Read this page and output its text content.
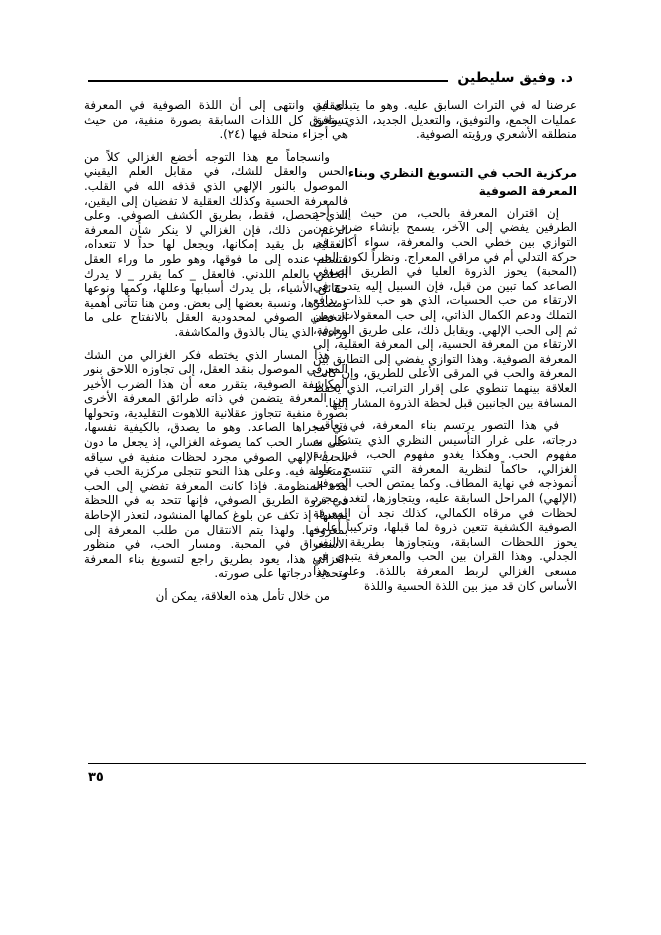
د. وفيق سليطين

عرضنا له في التراث السابق عليه. وهو ما يتبدى في عمليات الجمع، والتوفيق، والتعديل الجديد، الذي يوافق منطلقه الأشعري ورؤيته الصوفية.

مركزية الحب في التسويغ النظري وبناء المعرفة الصوفية

إن اقتران المعرفة بالحب، من حيث إن أحد الطرفين يفضي إلى الآخر، يسمح بإنشاء ضرب من التوازي بين خطي الحب والمعرفة، سواء أكان في حركة التدلي أم في مراقي المعراج. ونظراً لكون الحب (المحبة) يحوز الذروة العليا في الطريق الصوفي الصاعد كما تبين من قبل، فإن السبيل إليه يتدرج في الارتقاء من حب الحسيات، الذي هو حب للذات بدافع التملك ودعم الكمال الذاتي، إلى حب المعقولات، ومن ثم إلى الحب الإلهي. ويقابل ذلك، على طريق المعرفة، الارتقاء من المعرفة الحسية، إلى المعرفة العقلية، إلى المعرفة الصوفية. وهذا التوازي يفضي إلى التطابق بين المعرفة والحب في المرقى الأعلى للطريق، وإن كانت العلاقة بينهما تنطوي على إقرار التراتب، الذي يحفظ المسافة بين الجانبين قبل لحظة الذروة المشار إليها.

في هذا التصور يرتسم بناء المعرفة، في تعاقب درجاته، على غرار التأسيس النظري الذي يتشكل به مفهوم الحب. وهكذا يغدو مفهوم الحب، في رؤية الغزالي، حاكماً لنظرية المعرفة التي تنتسج على أنموذجه في نهاية المطاف. وكما يمتص الحب الصوفي (الإلهي) المراحل السابقة عليه، ويتجاوزها، لتغدو مجرد لحظات في مرقاه الكمالي، كذلك نجد أن المعرفة الصوفية الكشفية تتعين ذروة لما قبلها، وتركيباً أعلى، يحوز اللحظات السابقة، ويتجاوزها بطريقة النفي الجدلي. وهذا القران بين الحب والمعرفة يتبدى في مسعى الغزالي لربط المعرفة باللذة. وعلى هذا الأساس كان قد ميز بين اللذة الحسية واللذة

العقلية، وانتهى إلى أن اللذة الصوفية في المعرفة تستغرق كل اللذات السابقة بصورة منفية، من حيث هي أجزاء منحلة فيها (٢٤).

وانسجاماً مع هذا التوجه أخضع الغزالي كلاً من الحس والعقل للشك، في مقابل العلم اليقيني الموصول بالنور الإلهي الذي قذفه الله في القلب. فالمعرفة الحسية وكذلك العقلية لا تفضيان إلى اليقين، الذي يتحصل، فقط، بطريق الكشف الصوفي. وعلى الرغم من ذلك، فإن الغزالي لا ينكر شأن المعرفة العقلية، بل يقيد إمكانها، ويجعل لها حداً لا تتعداه، فتسلم عنده إلى ما فوقها، وهو طور ما وراء العقل الخاص بالعلم اللدني. فالعقل _ كما يقرر _ لا يدرك حقائق الأشياء، بل يدرك أسبابها وعللها، وكمها ونوعها ومصدرها، ونسبة بعضها إلى بعض. ومن هنا تتأتى أهمية التخطي الصوفي لمحدودية العقل بالانفتاح على ما وراءه، الذي ينال بالذوق والمكاشفة.

هذا المسار الذي يختطه فكر الغزالي من الشك المعرفي الموصول بنقد العقل، إلى تجاوزه اللاحق بنور المكاشفة الصوفية، يتقرر معه أن هذا الضرب الأخير من المعرفة يتضمن في ذاته طرائق المعرفة الأخرى بصورة منفية تتجاوز عقلانية اللاهوت التقليدية، وتحولها في مجراها الصاعد. وهو ما يصدق، بالكيفية نفسها، على مسار الحب كما يصوغه الغزالي، إذ يجعل ما دون الحب الإلهي الصوفي مجرد لحظات منفية في سياقه ومتحولة فيه. وعلى هذا النحو تتجلى مركزية الحب في هذه المنظومة. فإذا كانت المعرفة تفضي إلى الحب في ذروة الطريق الصوفي، فإنها تتحد به في اللحظة نفسها، إذ تكف عن بلوغ كمالها المنشود، لتعذر الإحاطة بمعروفها. ولهذا يتم الانتقال من طلب المعرفة إلى الاستغراق في المحبة. ومسار الحب، في منظور الغزالي هذا، يعود بطريق راجع لتسويغ بناء المعرفة وتحديد درجاتها على صورته.

من خلال تأمل هذه العلاقة، يمكن أن

٣٥
